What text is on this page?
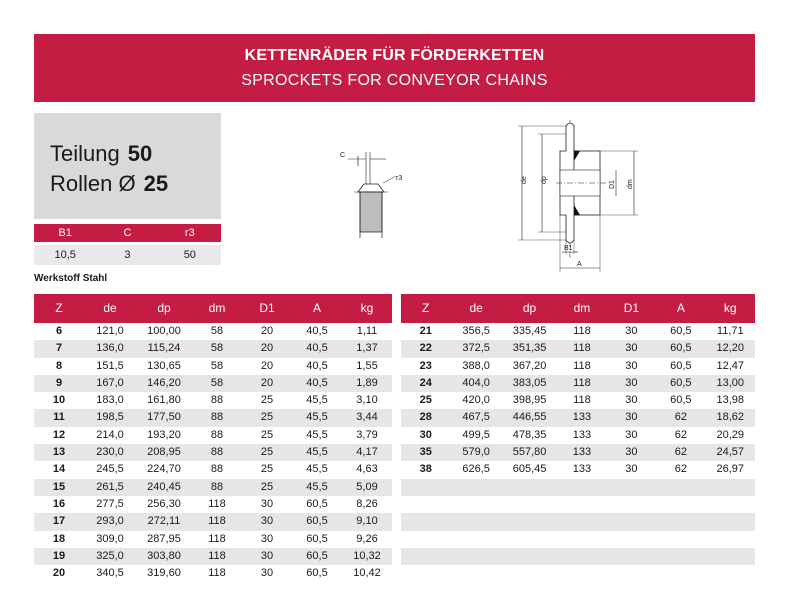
KETTENRÄDER FÜR FÖRDERKETTEN
SPROCKETS FOR CONVEYOR CHAINS
Teilung 50
Rollen Ø 25
B1	C	r3
10,5	3	50
Werkstoff Stahl
C
r3	de dp	D1 dm
B1
A
Z	de	dp	dm	D1	A	kg
6	121,0	100,00	58	20	40,5	1,11
7	136,0	115,24	58	20	40,5	1,37
8	151,5	130,65	58	20	40,5	1,55
9	167,0	146,20	58	20	40,5	1,89
10	183,0	161,80	88	25	45,5	3,10
11	198,5	177,50	88	25	45,5	3,44
12	214,0	193,20	88	25	45,5	3,79
13	230,0	208,95	88	25	45,5	4,17
14	245,5	224,70	88	25	45,5	4,63
15	261,5	240,45	88	25	45,5	5,09
16	277,5	256,30	118	30	60,5	8,26
17	293,0	272,11	118	30	60,5	9,10
18	309,0	287,95	118	30	60,5	9,26
19	325,0	303,80	118	30	60,5	10,32
20	340,5	319,60	118	30	60,5	10,42
Z	de	dp	dm	D1	A	kg
21	356,5	335,45	118	30	60,5	11,71
22	372,5	351,35	118	30	60,5	12,20
23	388,0	367,20	118	30	60,5	12,47
24	404,0	383,05	118	30	60,5	13,00
25	420,0	398,95	118	30	60,5	13,98
28	467,5	446,55	133	30	62	18,62
30	499,5	478,35	133	30	62	20,29
35	579,0	557,80	133	30	62	24,57
38	626,5	605,45	133	30	62	26,97
